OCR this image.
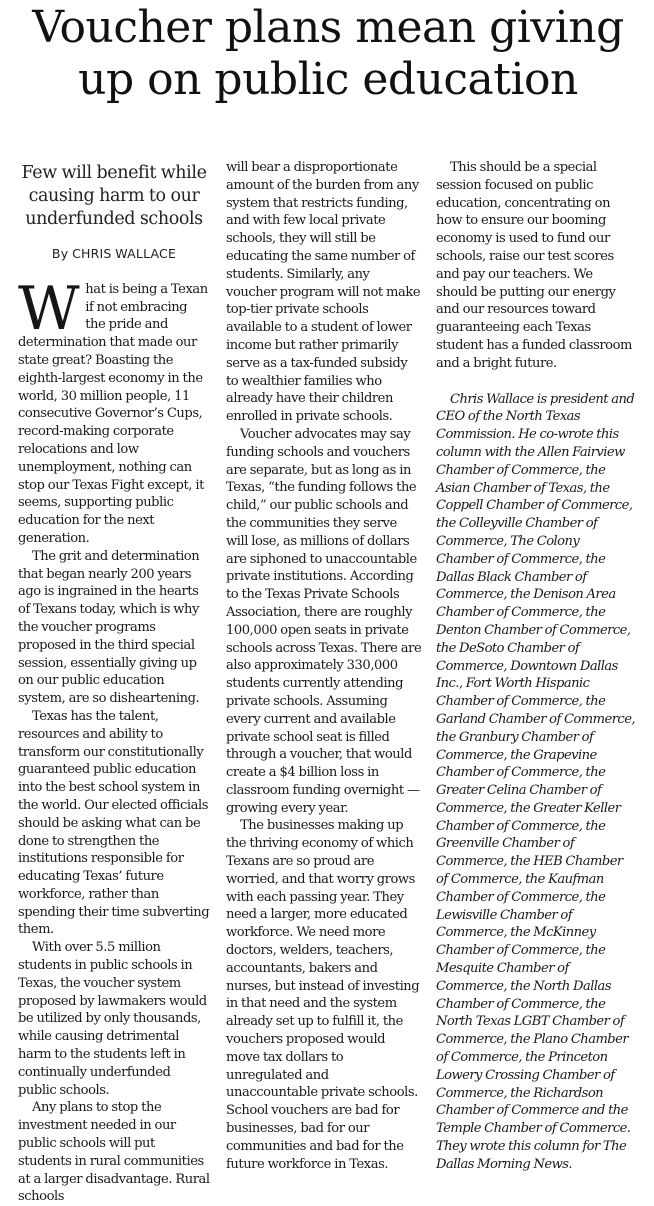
Voucher plans mean giving up on public education
Few will benefit while causing harm to our underfunded schools
By CHRIS WALLACE

What is being a Texan if not embracing the pride and determination that made our state great? Boasting the eighth-largest economy in the world, 30 million people, 11 consecutive Governor’s Cups, record-making corporate relocations and low unemployment, nothing can stop our Texas Fight except, it seems, supporting public education for the next generation.

The grit and determination that began nearly 200 years ago is ingrained in the hearts of Texans today, which is why the voucher programs proposed in the third special session, essentially giving up on our public education system, are so disheartening.

Texas has the talent, resources and ability to transform our constitutionally guaranteed public education into the best school system in the world. Our elected officials should be asking what can be done to strengthen the institutions responsible for educating Texas’ future workforce, rather than spending their time subverting them.

With over 5.5 million students in public schools in Texas, the voucher system proposed by lawmakers would be utilized by only thousands, while causing detrimental harm to the students left in continually underfunded public schools.

Any plans to stop the investment needed in our public schools will put students in rural communities at a larger disadvantage. Rural schools

will bear a disproportionate amount of the burden from any system that restricts funding, and with few local private schools, they will still be educating the same number of students. Similarly, any voucher program will not make top-tier private schools available to a student of lower income but rather primarily serve as a tax-funded subsidy to wealthier families who already have their children enrolled in private schools.

Voucher advocates may say funding schools and vouchers are separate, but as long as in Texas, “the funding follows the child,” our public schools and the communities they serve will lose, as millions of dollars are siphoned to unaccountable private institutions. According to the Texas Private Schools Association, there are roughly 100,000 open seats in private schools across Texas. There are also approximately 330,000 students currently attending private schools. Assuming every current and available private school seat is filled through a voucher, that would create a $4 billion loss in classroom funding overnight — growing every year.

The businesses making up the thriving economy of which Texans are so proud are worried, and that worry grows with each passing year. They need a larger, more educated workforce. We need more doctors, welders, teachers, accountants, bakers and nurses, but instead of investing in that need and the system already set up to fulfill it, the vouchers proposed would move tax dollars to unregulated and unaccountable private schools. School vouchers are bad for businesses, bad for our communities and bad for the future workforce in Texas.

This should be a special session focused on public education, concentrating on how to ensure our booming economy is used to fund our schools, raise our test scores and pay our teachers. We should be putting our energy and our resources toward guaranteeing each Texas student has a funded classroom and a bright future.

Chris Wallace is president and CEO of the North Texas Commission. He co-wrote this column with the Allen Fairview Chamber of Commerce, the Asian Chamber of Texas, the Coppell Chamber of Commerce, the Colleyville Chamber of Commerce, The Colony Chamber of Commerce, the Dallas Black Chamber of Commerce, the Denison Area Chamber of Commerce, the Denton Chamber of Commerce, the DeSoto Chamber of Commerce, Downtown Dallas Inc., Fort Worth Hispanic Chamber of Commerce, the Garland Chamber of Commerce, the Granbury Chamber of Commerce, the Grapevine Chamber of Commerce, the Greater Celina Chamber of Commerce, the Greater Keller Chamber of Commerce, the Greenville Chamber of Commerce, the HEB Chamber of Commerce, the Kaufman Chamber of Commerce, the Lewisville Chamber of Commerce, the McKinney Chamber of Commerce, the Mesquite Chamber of Commerce, the North Dallas Chamber of Commerce, the North Texas LGBT Chamber of Commerce, the Plano Chamber of Commerce, the Princeton Lowery Crossing Chamber of Commerce, the Richardson Chamber of Commerce and the Temple Chamber of Commerce. They wrote this column for The Dallas Morning News.
